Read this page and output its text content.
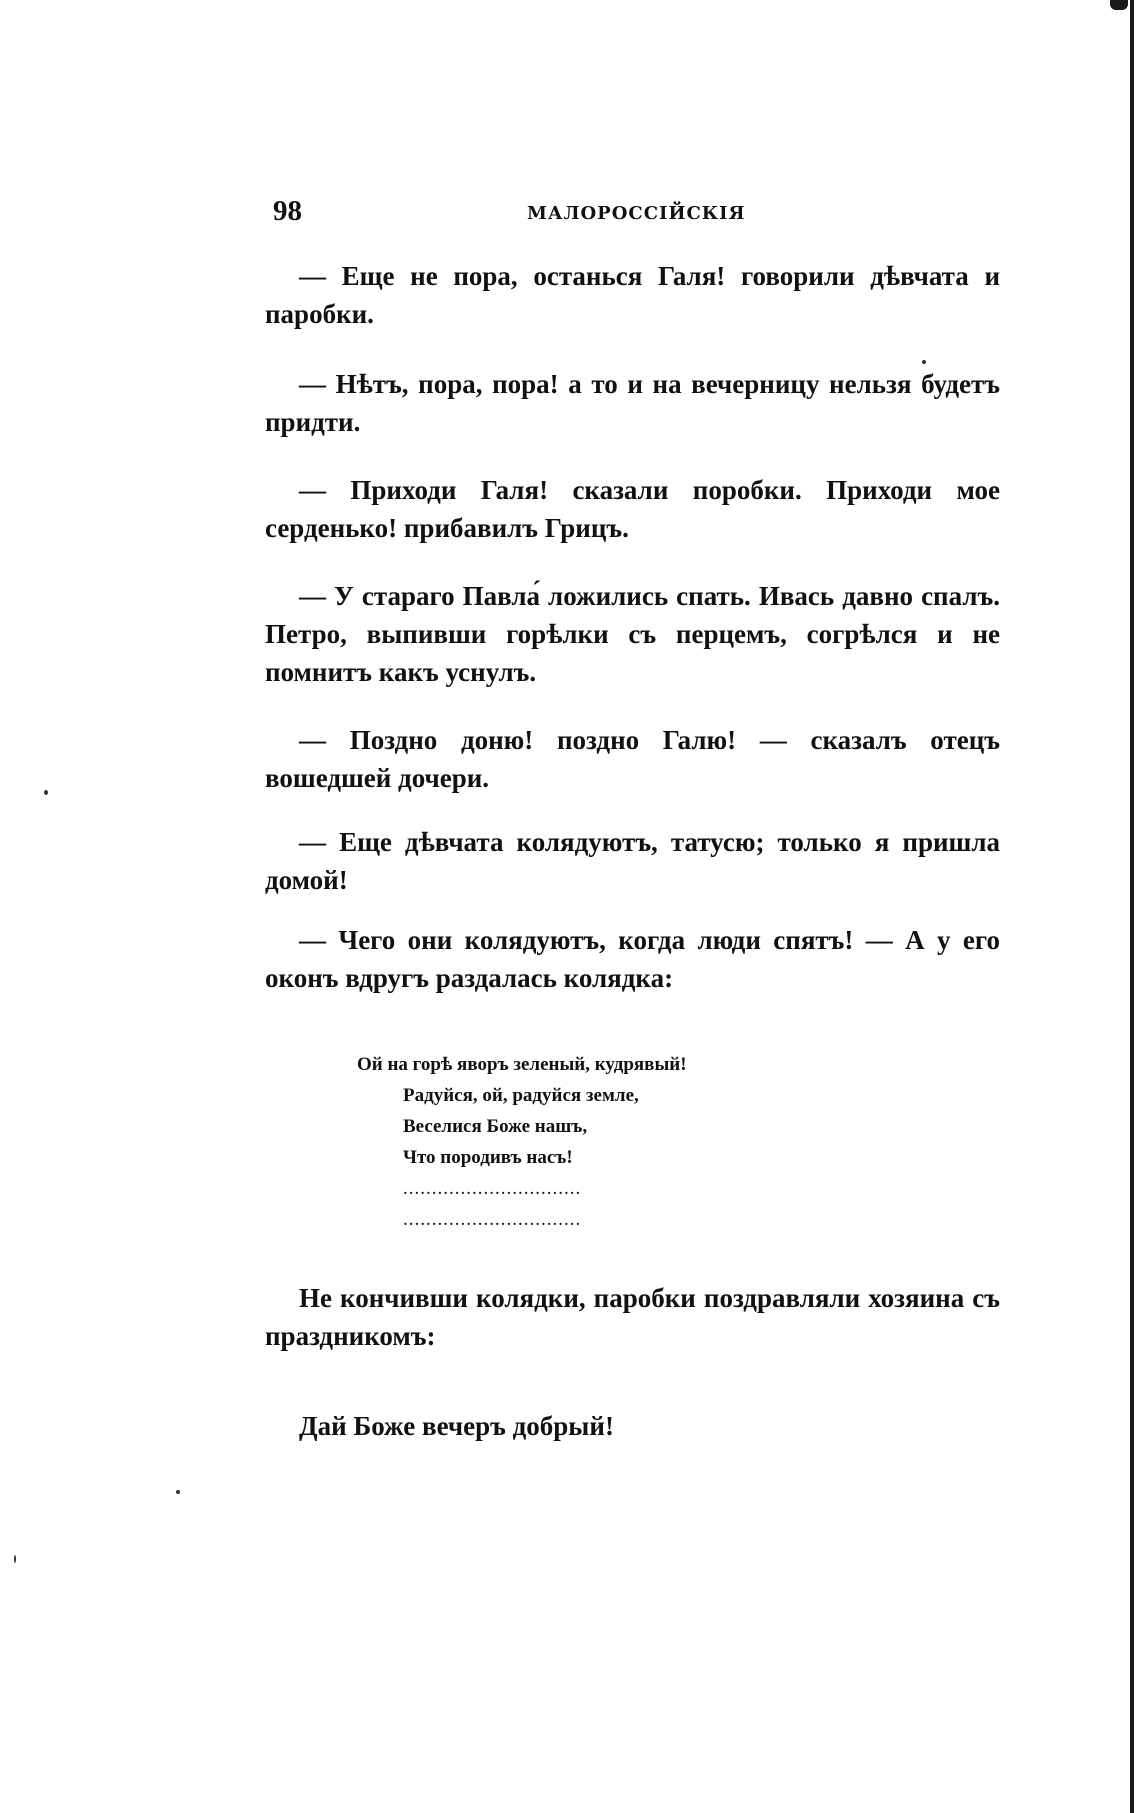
98	МАЛОРОССІЙСКІЯ

— Еще не пора, останься Галя! говорили дѣвчата и паробки.

— Нѣтъ, пора, пора! а то и на вечерницу нельзя будетъ придти.

— Приходи Галя! сказали поробки. Приходи мое серденько! прибавилъ Грицъ.

— У стараго Павла́ ложились спать. Ивась давно спалъ. Петро, выпивши горѣлки съ перцемъ, согрѣлся и не помнитъ какъ уснулъ.

— Поздно доню! поздно Галю! — сказалъ отецъ вошедшей дочери.

— Еще дѣвчата колядуютъ, татусю; только я пришла домой!

— Чего они колядуютъ, когда люди спятъ! — А у его оконъ вдругъ раздалась колядка:

Ой на горѣ яворъ зеленый, кудрявый!
Радуйся, ой, радуйся земле,
Веселися Боже нашъ,
Что породивъ насъ!
...............................
...............................

Не кончивши колядки, паробки поздравляли хозяина съ праздникомъ:

Дай Боже вечеръ добрый!
